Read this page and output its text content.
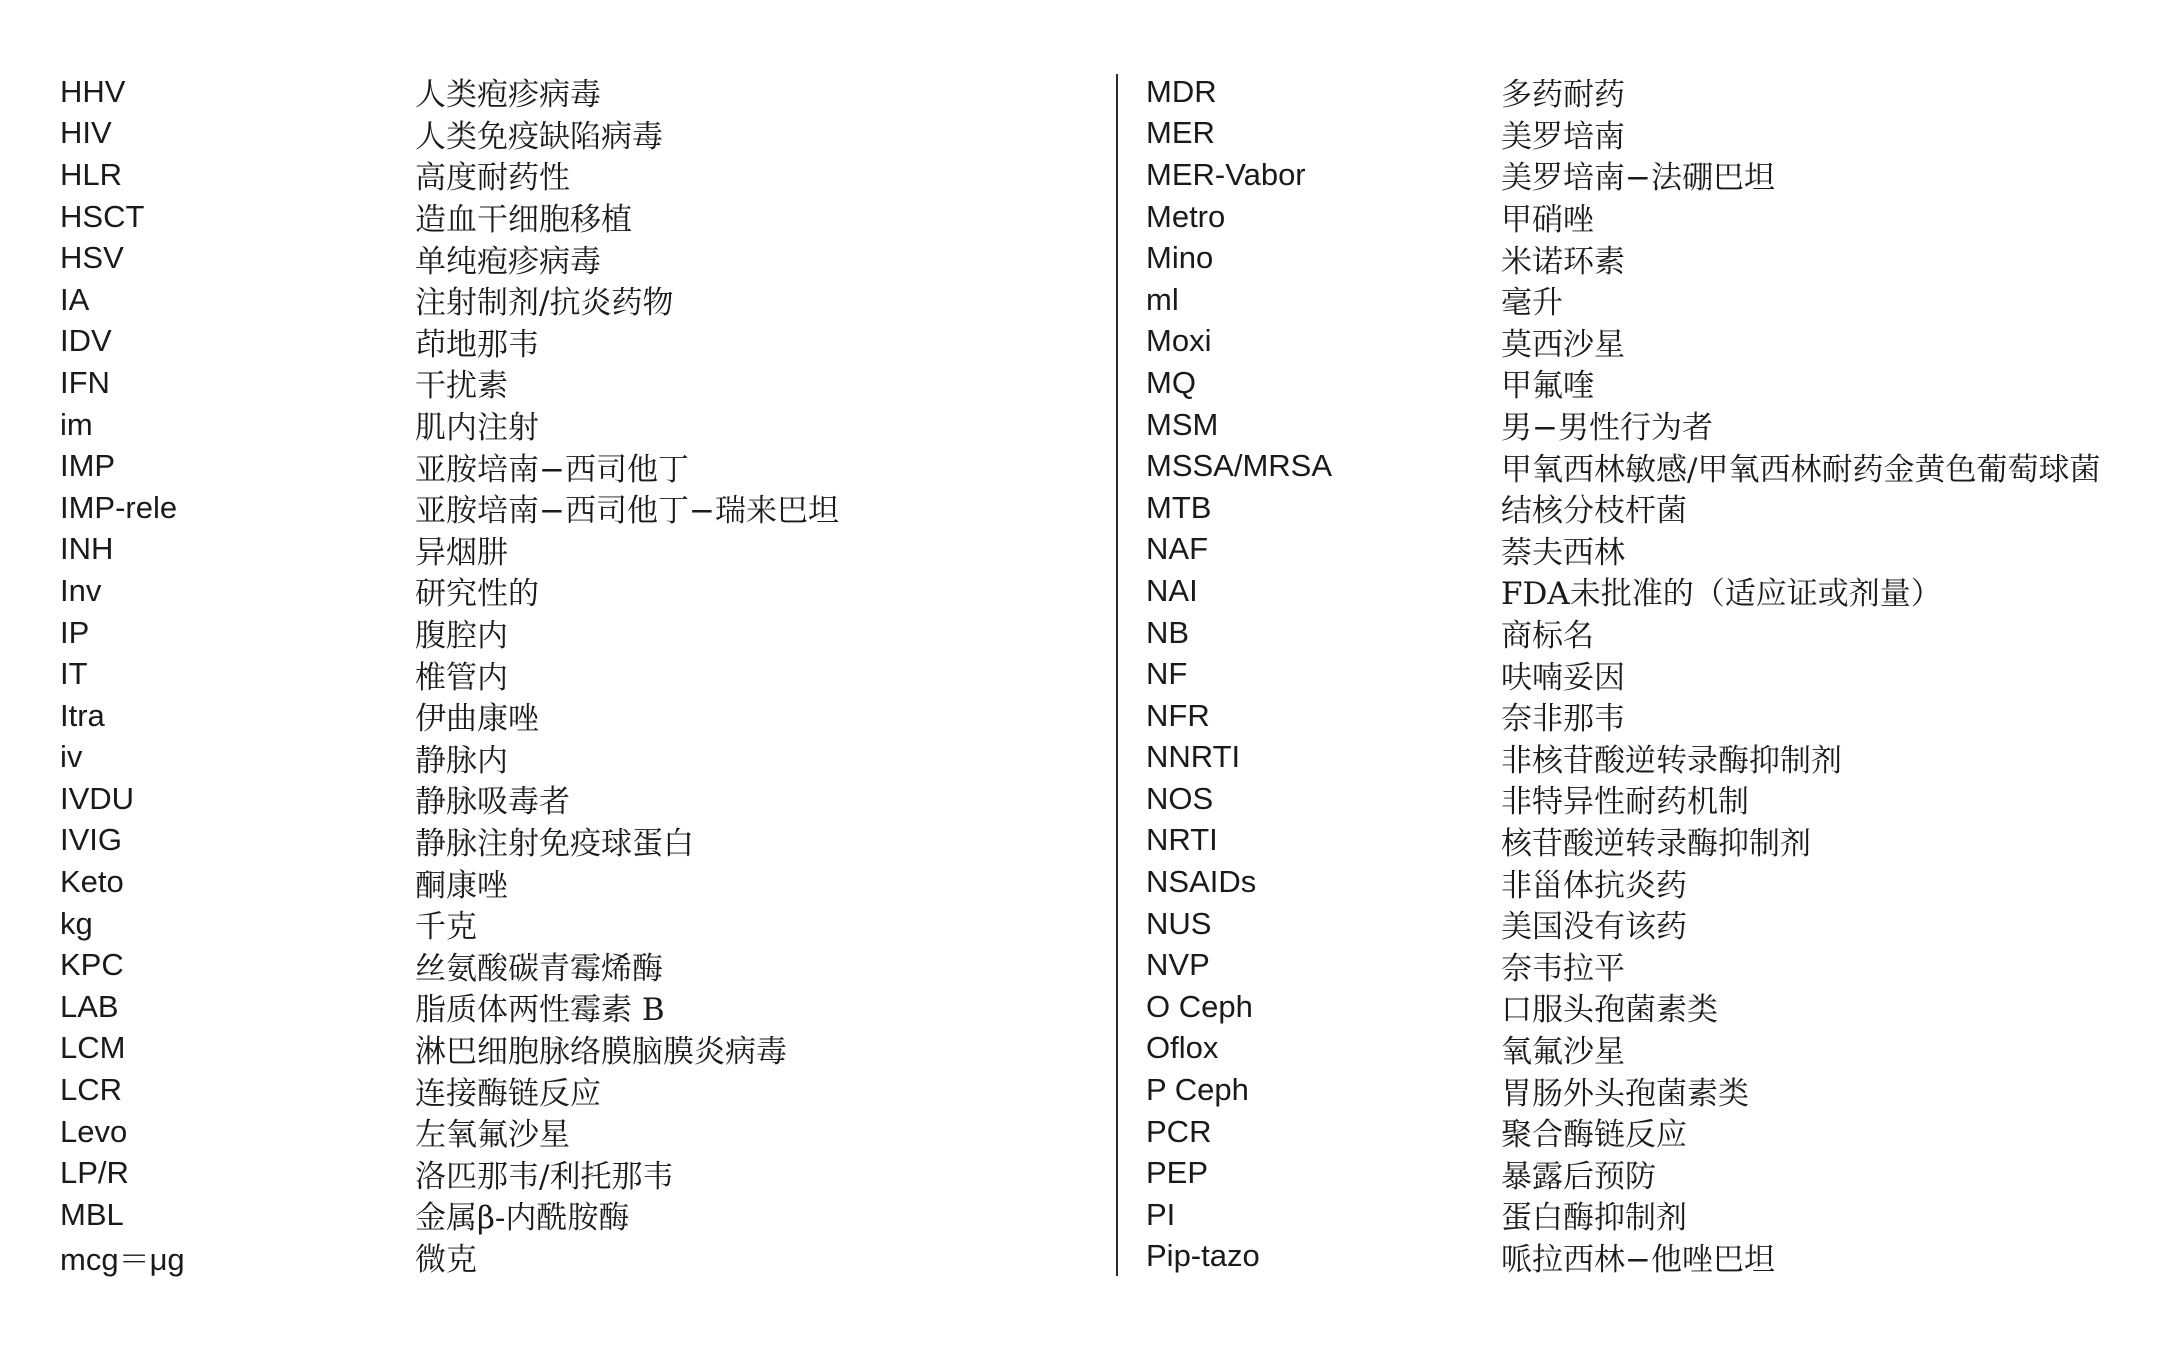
HHV	人类疱疹病毒
HIV	人类免疫缺陷病毒
HLR	高度耐药性
HSCT	造血干细胞移植
HSV	单纯疱疹病毒
IA	注射制剂/抗炎药物
IDV	茚地那韦
IFN	干扰素
im	肌内注射
IMP	亚胺培南−西司他丁
IMP-rele	亚胺培南−西司他丁−瑞来巴坦
INH	异烟肼
Inv	研究性的
IP	腹腔内
IT	椎管内
Itra	伊曲康唑
iv	静脉内
IVDU	静脉吸毒者
IVIG	静脉注射免疫球蛋白
Keto	酮康唑
kg	千克
KPC	丝氨酸碳青霉烯酶
LAB	脂质体两性霉素 B
LCM	淋巴细胞脉络膜脑膜炎病毒
LCR	连接酶链反应
Levo	左氧氟沙星
LP/R	洛匹那韦/利托那韦
MBL	金属β-内酰胺酶
mcg＝μg	微克
MDR	多药耐药
MER	美罗培南
MER-Vabor	美罗培南−法硼巴坦
Metro	甲硝唑
Mino	米诺环素
ml	毫升
Moxi	莫西沙星
MQ	甲氟喹
MSM	男−男性行为者
MSSA/MRSA	甲氧西林敏感/甲氧西林耐药金黄色葡萄球菌
MTB	结核分枝杆菌
NAF	萘夫西林
NAI	FDA未批准的（适应证或剂量）
NB	商标名
NF	呋喃妥因
NFR	奈非那韦
NNRTI	非核苷酸逆转录酶抑制剂
NOS	非特异性耐药机制
NRTI	核苷酸逆转录酶抑制剂
NSAIDs	非甾体抗炎药
NUS	美国没有该药
NVP	奈韦拉平
O Ceph	口服头孢菌素类
Oflox	氧氟沙星
P Ceph	胃肠外头孢菌素类
PCR	聚合酶链反应
PEP	暴露后预防
PI	蛋白酶抑制剂
Pip-tazo	哌拉西林−他唑巴坦
